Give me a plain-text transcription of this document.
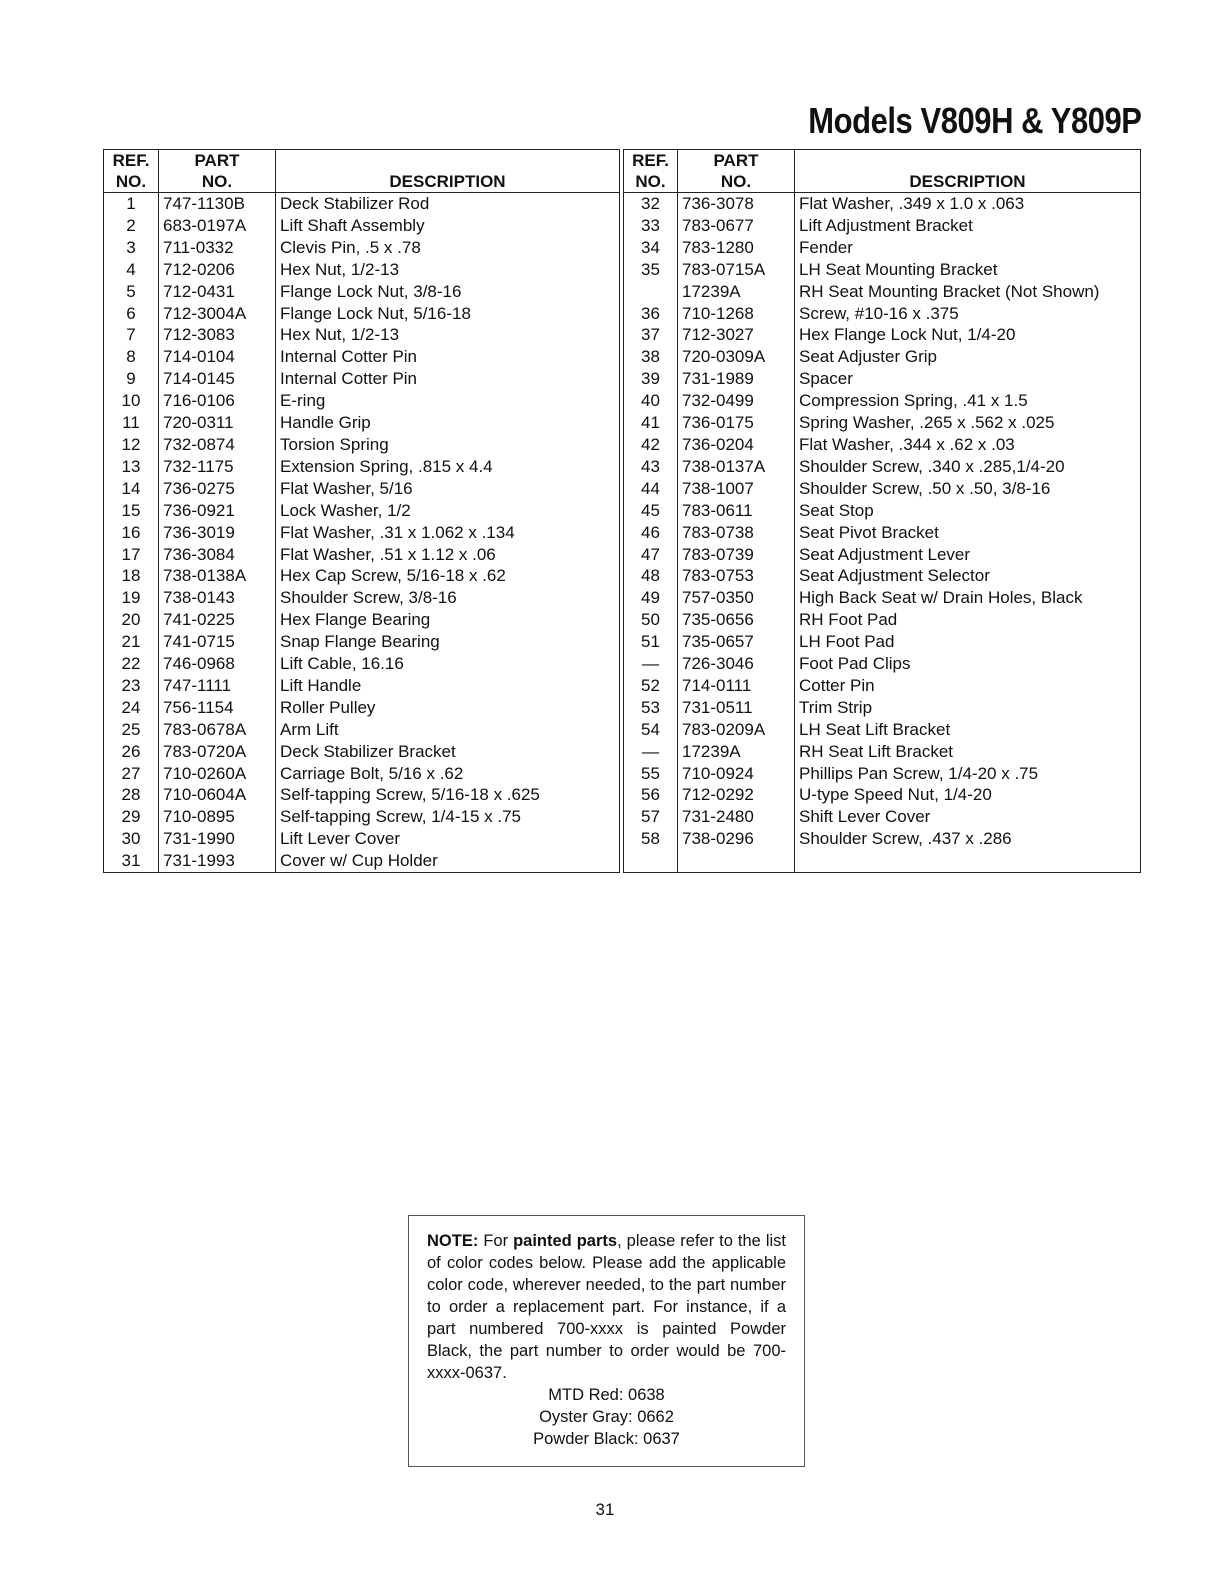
Models V809H & Y809P
REF.
NO.	PART
NO.	DESCRIPTION
1	747-1130B	Deck Stabilizer Rod
2	683-0197A	Lift Shaft Assembly
3	711-0332	Clevis Pin, .5 x .78
4	712-0206	Hex Nut, 1/2-13
5	712-0431	Flange Lock Nut, 3/8-16
6	712-3004A	Flange Lock Nut, 5/16-18
7	712-3083	Hex Nut, 1/2-13
8	714-0104	Internal Cotter Pin
9	714-0145	Internal Cotter Pin
10	716-0106	E-ring
11	720-0311	Handle Grip
12	732-0874	Torsion Spring
13	732-1175	Extension Spring, .815 x 4.4
14	736-0275	Flat Washer, 5/16
15	736-0921	Lock Washer, 1/2
16	736-3019	Flat Washer, .31 x 1.062 x .134
17	736-3084	Flat Washer, .51 x 1.12 x .06
18	738-0138A	Hex Cap Screw, 5/16-18 x .62
19	738-0143	Shoulder Screw, 3/8-16
20	741-0225	Hex Flange Bearing
21	741-0715	Snap Flange Bearing
22	746-0968	Lift Cable, 16.16
23	747-1111	Lift Handle
24	756-1154	Roller Pulley
25	783-0678A	Arm Lift
26	783-0720A	Deck Stabilizer Bracket
27	710-0260A	Carriage Bolt, 5/16 x .62
28	710-0604A	Self-tapping Screw, 5/16-18 x .625
29	710-0895	Self-tapping Screw, 1/4-15 x .75
30	731-1990	Lift Lever Cover
31	731-1993	Cover w/ Cup Holder
REF.
NO.	PART
NO.	DESCRIPTION
32	736-3078	Flat Washer, .349 x 1.0 x .063
33	783-0677	Lift Adjustment Bracket
34	783-1280	Fender
35	783-0715A	LH Seat Mounting Bracket
	17239A	RH Seat Mounting Bracket (Not Shown)
36	710-1268	Screw, #10-16 x .375
37	712-3027	Hex Flange Lock Nut, 1/4-20
38	720-0309A	Seat Adjuster Grip
39	731-1989	Spacer
40	732-0499	Compression Spring, .41 x 1.5
41	736-0175	Spring Washer, .265 x .562 x .025
42	736-0204	Flat Washer, .344 x .62 x .03
43	738-0137A	Shoulder Screw, .340 x .285,1/4-20
44	738-1007	Shoulder Screw, .50 x .50, 3/8-16
45	783-0611	Seat Stop
46	783-0738	Seat Pivot Bracket
47	783-0739	Seat Adjustment Lever
48	783-0753	Seat Adjustment Selector
49	757-0350	High Back Seat w/ Drain Holes, Black
50	735-0656	RH Foot Pad
51	735-0657	LH Foot Pad
—	726-3046	Foot Pad Clips
52	714-0111	Cotter Pin
53	731-0511	Trim Strip
54	783-0209A	LH Seat Lift Bracket
—	17239A	RH Seat Lift Bracket
55	710-0924	Phillips Pan Screw, 1/4-20 x .75
56	712-0292	U-type Speed Nut, 1/4-20
57	731-2480	Shift Lever Cover
58	738-0296	Shoulder Screw, .437 x .286

NOTE: For painted parts, please refer to the list of color codes below. Please add the applicable color code, wherever needed, to the part number to order a replacement part. For instance, if a part numbered 700-xxxx is painted Powder Black, the part number to order would be 700-xxxx-0637.

MTD Red: 0638
Oyster Gray: 0662
Powder Black: 0637
31
